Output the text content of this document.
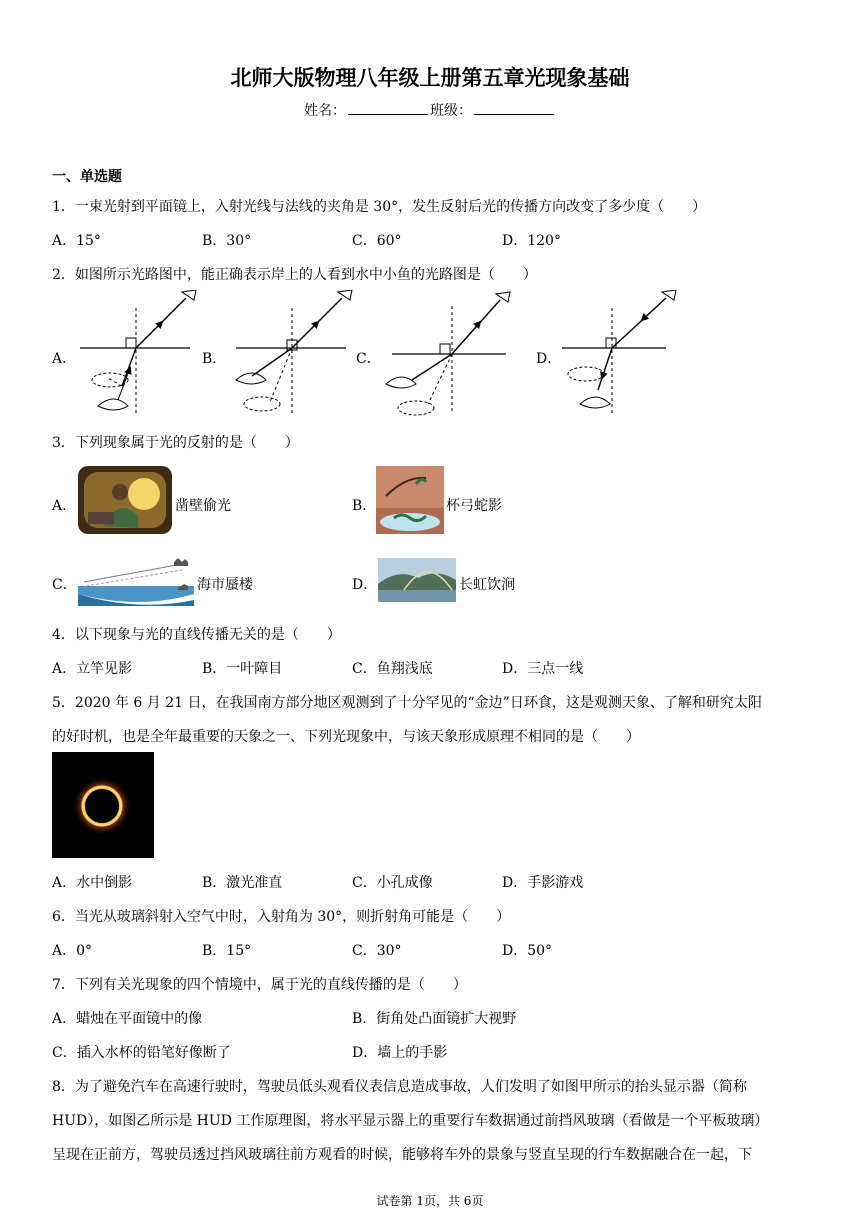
北师大版物理八年级上册第五章光现象基础
姓名：	班级：
一、单选题
1．一束光射到平面镜上，入射光线与法线的夹角是 30°，发生反射后光的传播方向改变了多少度（　　）
A．15°	B．30°	C．60°	D．120°
2．如图所示光路图中，能正确表示岸上的人看到水中小鱼的光路图是（　　）
A．	B．	C．	D．
3．下列现象属于光的反射的是（　　）
A．	凿壁偷光	B．	杯弓蛇影
C．	海市蜃楼	D．	长虹饮涧
4．以下现象与光的直线传播无关的是（　　）
A．立竿见影	B．一叶障目	C．鱼翔浅底	D．三点一线
5．2020 年 6 月 21 日，在我国南方部分地区观测到了十分罕见的“金边”日环食，这是观测天象、了解和研究太阳
的好时机，也是全年最重要的天象之一、下列光现象中，与该天象形成原理不相同的是（　　）
A．水中倒影	B．激光准直	C．小孔成像	D．手影游戏
6．当光从玻璃斜射入空气中时，入射角为 30°，则折射角可能是（　　）
A．0°	B．15°	C．30°	D．50°
7．下列有关光现象的四个情境中，属于光的直线传播的是（　　）
A．蜡烛在平面镜中的像	B．街角处凸面镜扩大视野
C．插入水杯的铅笔好像断了	D．墙上的手影
8．为了避免汽车在高速行驶时，驾驶员低头观看仪表信息造成事故，人们发明了如图甲所示的抬头显示器（简称
HUD），如图乙所示是 HUD 工作原理图，将水平显示器上的重要行车数据通过前挡风玻璃（看做是一个平板玻璃）
呈现在正前方，驾驶员透过挡风玻璃往前方观看的时候，能够将车外的景象与竖直呈现的行车数据融合在一起，下
试卷第 1页，共 6页
